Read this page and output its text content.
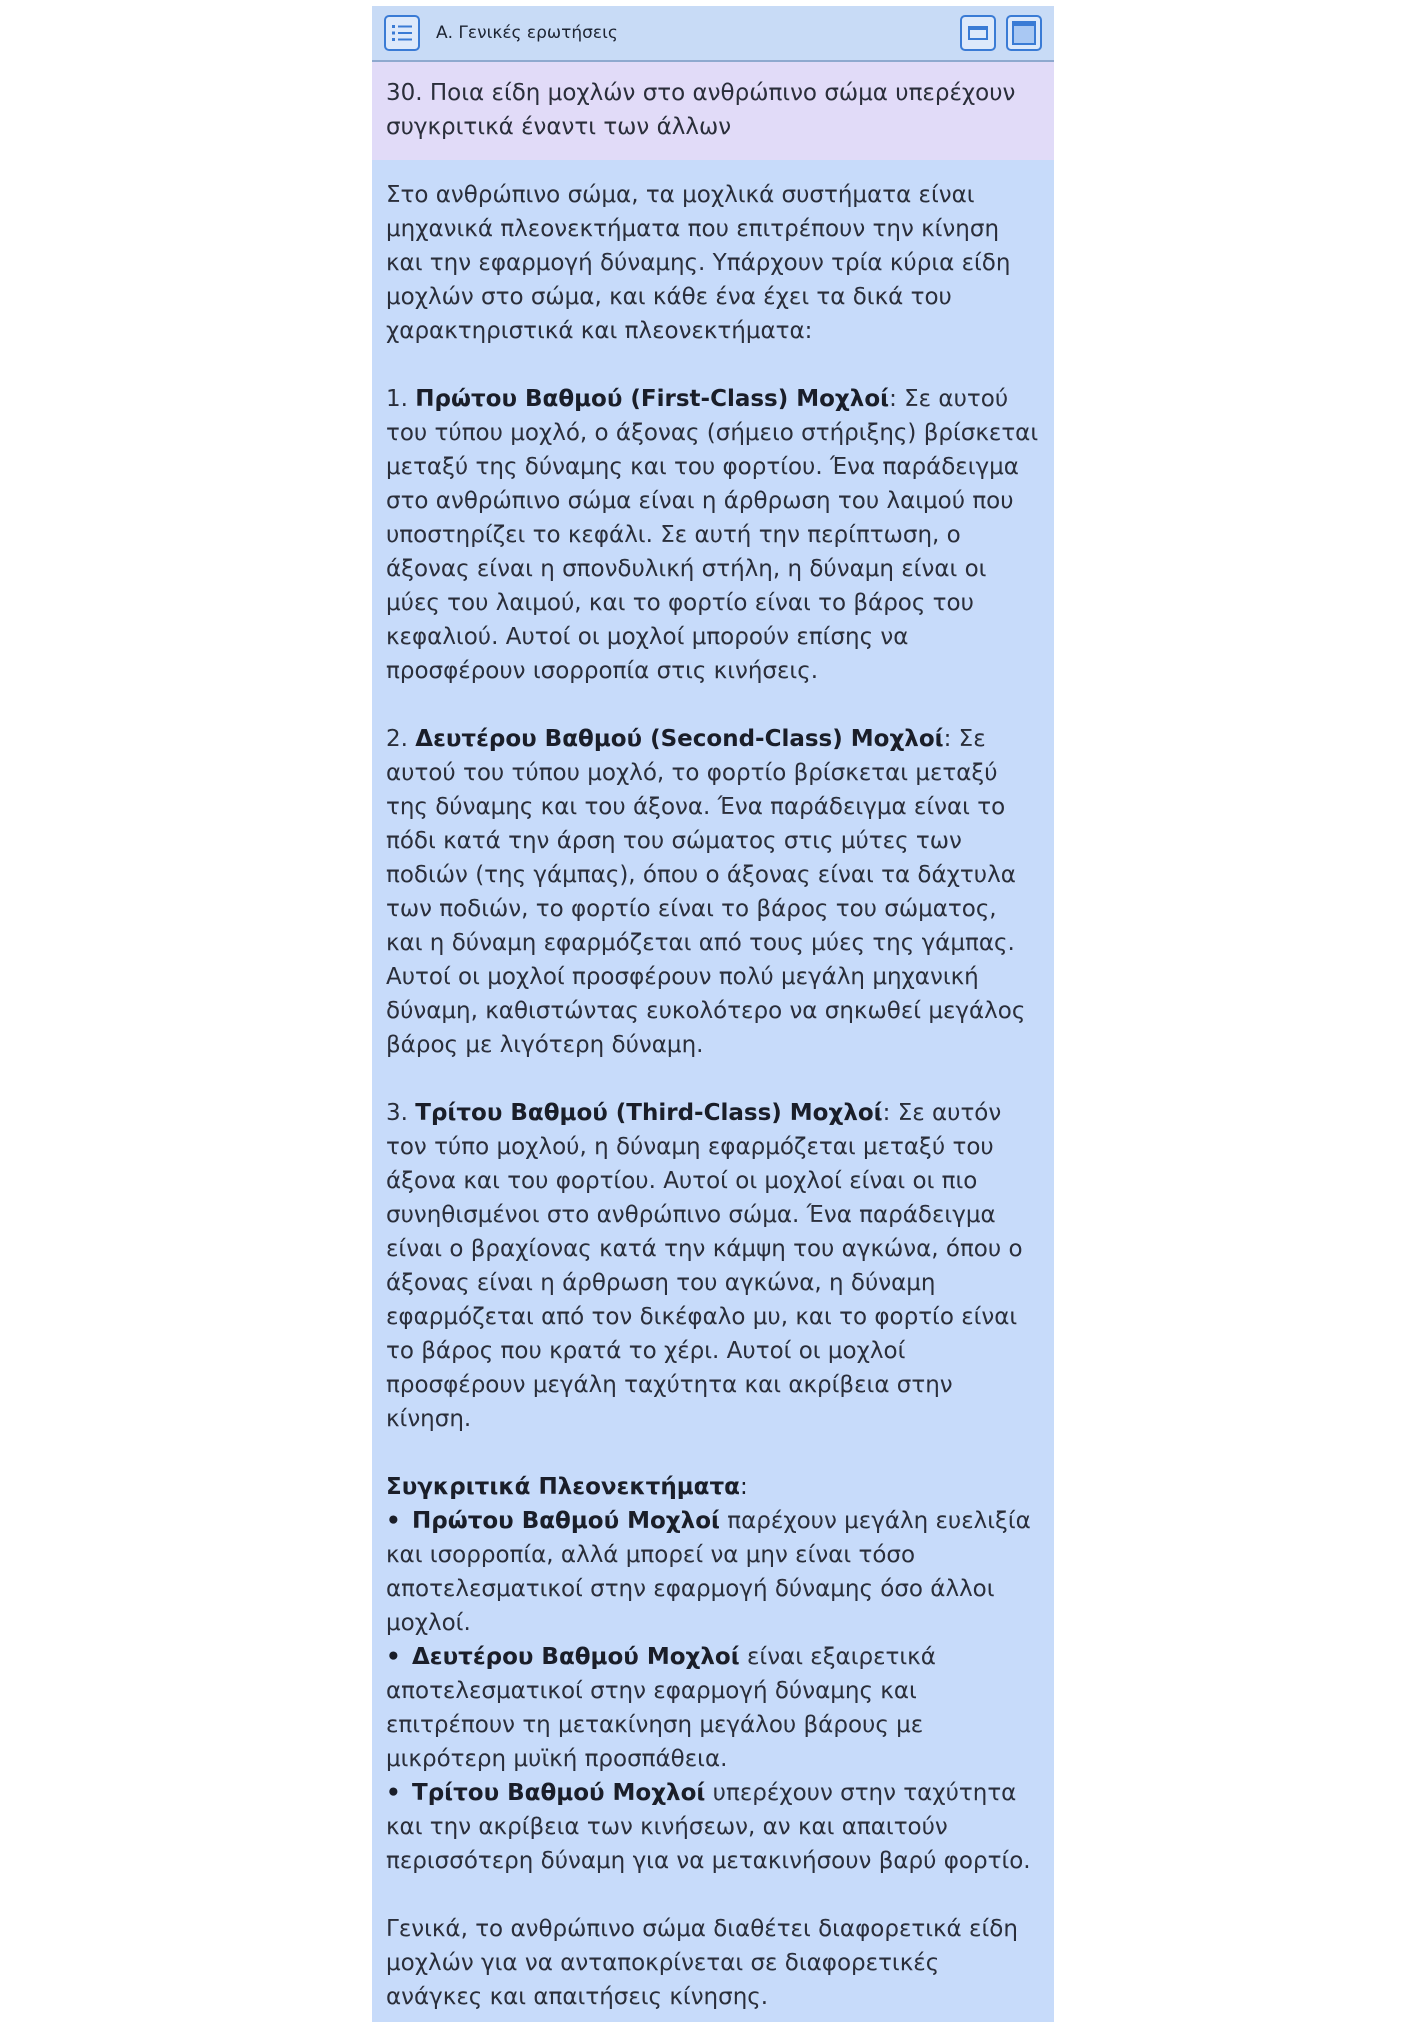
Α. Γενικές ερωτήσεις
30. Ποια είδη μοχλών στο ανθρώπινο σώμα υπερέχουν συγκριτικά έναντι των άλλων

Στο ανθρώπινο σώμα, τα μοχλικά συστήματα είναι μηχανικά πλεονεκτήματα που επιτρέπουν την κίνηση και την εφαρμογή δύναμης. Υπάρχουν τρία κύρια είδη μοχλών στο σώμα, και κάθε ένα έχει τα δικά του χαρακτηριστικά και πλεονεκτήματα:

1. Πρώτου Βαθμού (First-Class) Μοχλοί: Σε αυτού του τύπου μοχλό, ο άξονας (σήμειο στήριξης) βρίσκεται μεταξύ της δύναμης και του φορτίου. Ένα παράδειγμα στο ανθρώπινο σώμα είναι η άρθρωση του λαιμού που υποστηρίζει το κεφάλι. Σε αυτή την περίπτωση, ο άξονας είναι η σπονδυλική στήλη, η δύναμη είναι οι μύες του λαιμού, και το φορτίο είναι το βάρος του κεφαλιού. Αυτοί οι μοχλοί μπορούν επίσης να προσφέρουν ισορροπία στις κινήσεις.

2. Δευτέρου Βαθμού (Second-Class) Μοχλοί: Σε αυτού του τύπου μοχλό, το φορτίο βρίσκεται μεταξύ της δύναμης και του άξονα. Ένα παράδειγμα είναι το πόδι κατά την άρση του σώματος στις μύτες των ποδιών (της γάμπας), όπου ο άξονας είναι τα δάχτυλα των ποδιών, το φορτίο είναι το βάρος του σώματος, και η δύναμη εφαρμόζεται από τους μύες της γάμπας. Αυτοί οι μοχλοί προσφέρουν πολύ μεγάλη μηχανική δύναμη, καθιστώντας ευκολότερο να σηκωθεί μεγάλος βάρος με λιγότερη δύναμη.

3. Τρίτου Βαθμού (Third-Class) Μοχλοί: Σε αυτόν τον τύπο μοχλού, η δύναμη εφαρμόζεται μεταξύ του άξονα και του φορτίου. Αυτοί οι μοχλοί είναι οι πιο συνηθισμένοι στο ανθρώπινο σώμα. Ένα παράδειγμα είναι ο βραχίονας κατά την κάμψη του αγκώνα, όπου ο άξονας είναι η άρθρωση του αγκώνα, η δύναμη εφαρμόζεται από τον δικέφαλο μυ, και το φορτίο είναι το βάρος που κρατά το χέρι. Αυτοί οι μοχλοί προσφέρουν μεγάλη ταχύτητα και ακρίβεια στην κίνηση.

Συγκριτικά Πλεονεκτήματα:
• Πρώτου Βαθμού Μοχλοί παρέχουν μεγάλη ευελιξία και ισορροπία, αλλά μπορεί να μην είναι τόσο αποτελεσματικοί στην εφαρμογή δύναμης όσο άλλοι μοχλοί.
• Δευτέρου Βαθμού Μοχλοί είναι εξαιρετικά αποτελεσματικοί στην εφαρμογή δύναμης και επιτρέπουν τη μετακίνηση μεγάλου βάρους με μικρότερη μυϊκή προσπάθεια.
• Τρίτου Βαθμού Μοχλοί υπερέχουν στην ταχύτητα και την ακρίβεια των κινήσεων, αν και απαιτούν περισσότερη δύναμη για να μετακινήσουν βαρύ φορτίο.

Γενικά, το ανθρώπινο σώμα διαθέτει διαφορετικά είδη μοχλών για να ανταποκρίνεται σε διαφορετικές ανάγκες και απαιτήσεις κίνησης.
